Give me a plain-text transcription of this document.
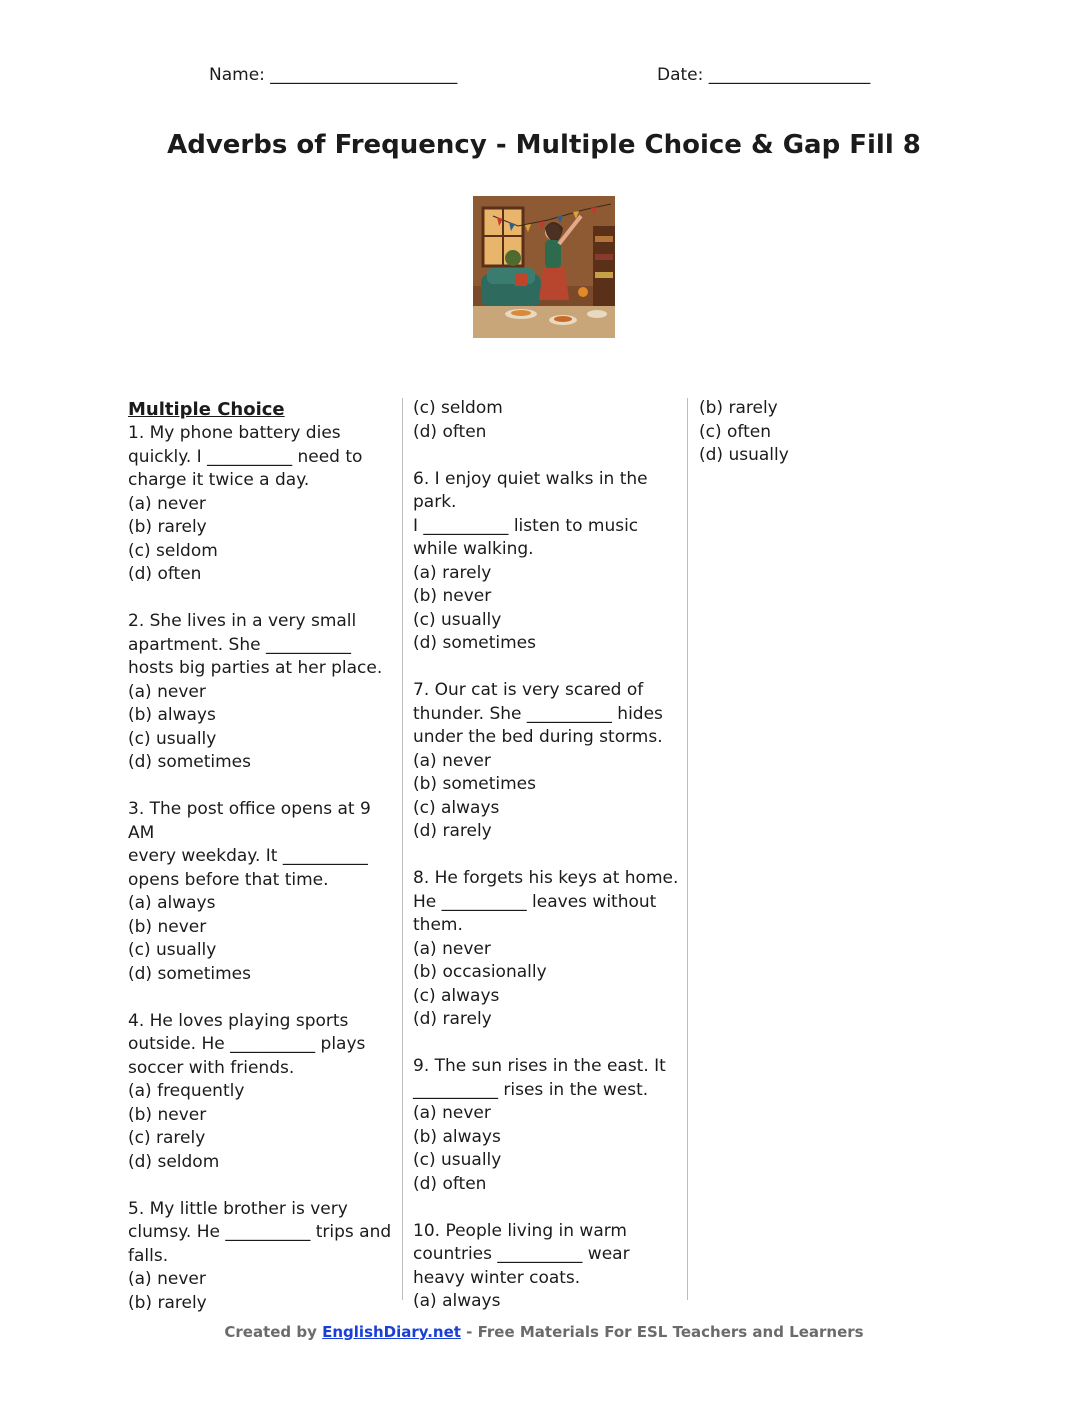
Name: ______________________	Date: ___________________
Adverbs of Frequency - Multiple Choice & Gap Fill 8
Multiple Choice
1. My phone battery dies
quickly. I __________ need to
charge it twice a day.
(a) never
(b) rarely
(c) seldom
(d) often
2. She lives in a very small
apartment. She __________
hosts big parties at her place.
(a) never
(b) always
(c) usually
(d) sometimes
3. The post office opens at 9 AM
every weekday. It __________
opens before that time.
(a) always
(b) never
(c) usually
(d) sometimes
4. He loves playing sports
outside. He __________ plays
soccer with friends.
(a) frequently
(b) never
(c) rarely
(d) seldom
5. My little brother is very
clumsy. He __________ trips and
falls.
(a) never
(b) rarely
(c) seldom
(d) often
6. I enjoy quiet walks in the park.
I __________ listen to music
while walking.
(a) rarely
(b) never
(c) usually
(d) sometimes
7. Our cat is very scared of
thunder. She __________ hides
under the bed during storms.
(a) never
(b) sometimes
(c) always
(d) rarely
8. He forgets his keys at home.
He __________ leaves without
them.
(a) never
(b) occasionally
(c) always
(d) rarely
9. The sun rises in the east. It
__________ rises in the west.
(a) never
(b) always
(c) usually
(d) often
10. People living in warm
countries __________ wear
heavy winter coats.
(a) always
(b) rarely
(c) often
(d) usually
Created by EnglishDiary.net - Free Materials For ESL Teachers and Learners
